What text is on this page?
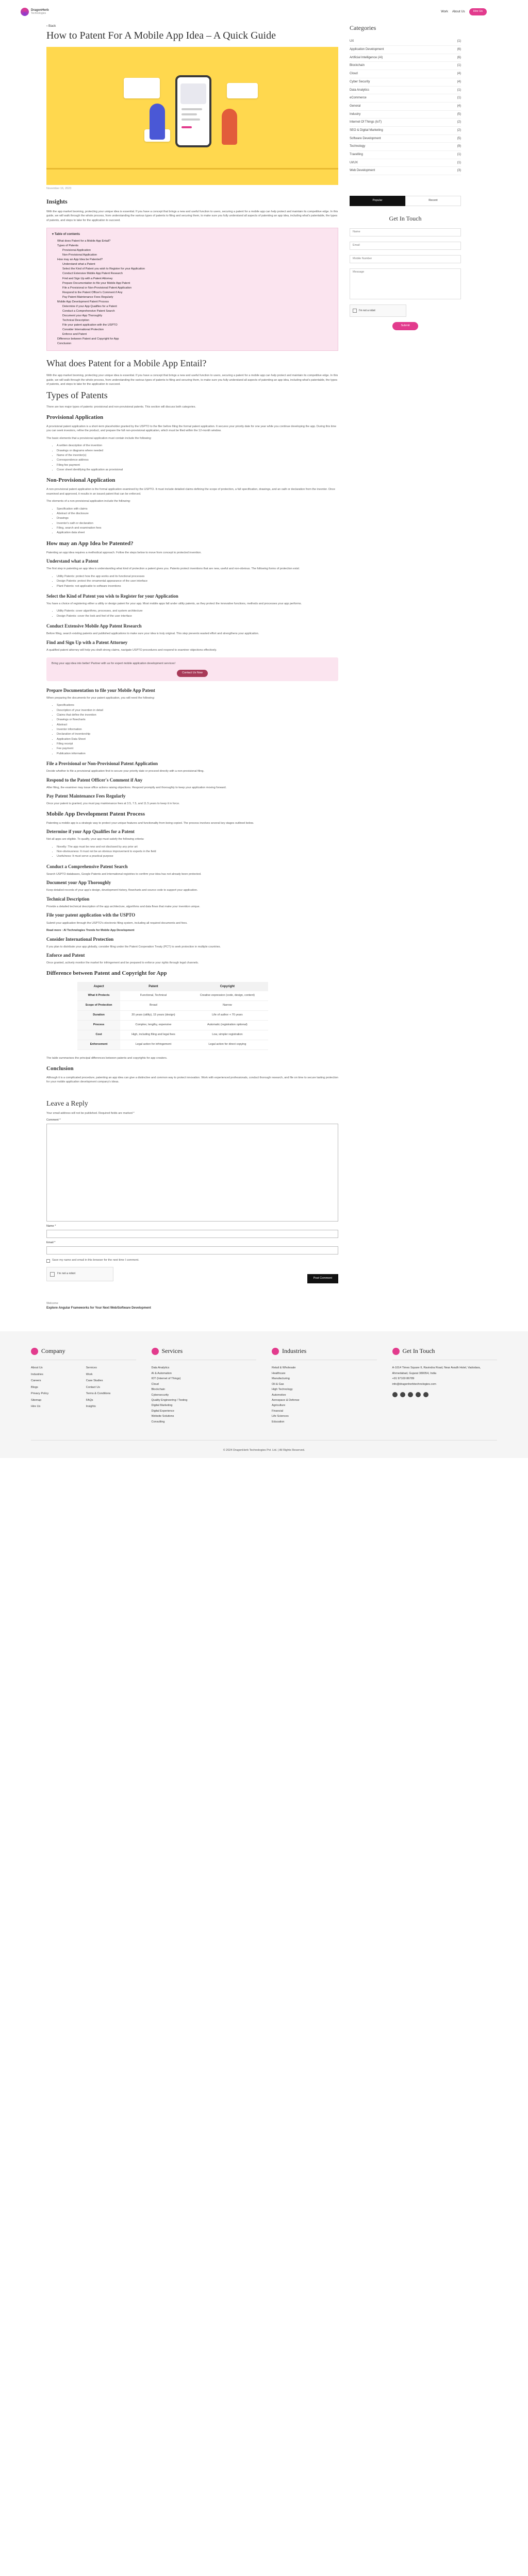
DragonHerb
Technologies	Work About Us	Hire Us
‹ Back
How to Patent For A Mobile App Idea – A Quick Guide
November 16, 2023
Insights

With the app market booming, protecting your unique idea is essential. If you have a concept that brings a new and useful function to users, securing a patent for a mobile app can help protect and maintain its competitive edge. In this guide, we will walk through the whole process, from understanding the various types of patents to filing and securing them, to make sure you fully understand all aspects of patenting an app idea, including what's patentable, the types of patents, and steps to take for the application to succeed.

▾ Table of contents
What does Patent for a Mobile App Entail?
Types of Patents
Provisional Application
Non-Provisional Application
How may an App Idea be Patented?
Understand what a Patent
Select the Kind of Patent you wish to Register for your Application
Conduct Extensive Mobile App Patent Research
Find and Sign Up with a Patent Attorney
Prepare Documentation to file your Mobile App Patent
File a Provisional or Non-Provisional Patent Application
Respond to the Patent Officer's Comment if Any
Pay Patent Maintenance Fees Regularly
Mobile App Development Patent Process
Determine if your App Qualifies for a Patent
Conduct a Comprehensive Patent Search
Document your App Thoroughly
Technical Description
File your patent application with the USPTO
Consider International Protection
Enforce and Patent
Difference between Patent and Copyright for App
Conclusion
What does Patent for a Mobile App Entail?

With the app market booming, protecting your unique idea is essential. If you have a concept that brings a new and useful function to users, securing a patent for a mobile app can help protect and maintain its competitive edge. In this guide, we will walk through the whole process, from understanding the various types of patents to filing and securing them, to make sure you fully understand all aspects of patenting an app idea, including what's patentable, the types of patents, and steps to take for the application to succeed.

Types of Patents

There are two major types of patents: provisional and non-provisional patents. This section will discuss both categories.

Provisional Application

A provisional patent application is a short-term placeholder granted by the USPTO to the filer before filing the formal patent application. It secures your priority date for one year while you continue developing the app. During this time you can seek investors, refine the product, and prepare the full non-provisional application, which must be filed within the 12-month window.

The basic elements that a provisional application must contain include the following:

• A written description of the invention
• Drawings or diagrams where needed
• Name of the inventor(s)
• Correspondence address
• Filing fee payment
• Cover sheet identifying the application as provisional
Non-Provisional Application

A non-provisional patent application is the formal application examined by the USPTO. It must include detailed claims defining the scope of protection, a full specification, drawings, and an oath or declaration from the inventor. Once examined and approved, it results in an issued patent that can be enforced.

The elements of a non-provisional application include the following:

• Specification with claims
• Abstract of the disclosure
• Drawings
• Inventor's oath or declaration
• Filing, search and examination fees
• Application data sheet
How may an App Idea be Patented?

Patenting an app idea requires a methodical approach. Follow the steps below to move from concept to protected invention.

Understand what a Patent

The first step in patenting an app idea is understanding what kind of protection a patent gives you. Patents protect inventions that are new, useful and non-obvious. The following forms of protection exist:

• Utility Patents: protect how the app works and its functional processes
• Design Patents: protect the ornamental appearance of the user interface
• Plant Patents: not applicable to software inventions
Select the Kind of Patent you wish to Register for your Application

You have a choice of registering either a utility or design patent for your app. Most mobile apps fall under utility patents, as they protect the innovative functions, methods and processes your app performs.

• Utility Patents: cover algorithms, processes, and system architecture
• Design Patents: cover the look and feel of the user interface
Conduct Extensive Mobile App Patent Research

Before filing, search existing patents and published applications to make sure your idea is truly original. This step prevents wasted effort and strengthens your application.

Find and Sign Up with a Patent Attorney

A qualified patent attorney will help you draft strong claims, navigate USPTO procedures and respond to examiner objections effectively.

Bring your app idea into better! Partner with us for expert mobile application development services!

Contact Us Now
Prepare Documentation to file your Mobile App Patent

When preparing the documents for your patent application, you will need the following:

• Specifications
• Description of your invention in detail
• Claims that define the invention
• Drawings or flowcharts
• Abstract
• Inventor information
• Declaration of inventorship
• Application Data Sheet
• Filing receipt
• Fee payment
• Publication information
File a Provisional or Non-Provisional Patent Application

Decide whether to file a provisional application first to secure your priority date or proceed directly with a non-provisional filing.

Respond to the Patent Officer's Comment if Any

After filing, the examiner may issue office actions raising objections. Respond promptly and thoroughly to keep your application moving forward.

Pay Patent Maintenance Fees Regularly

Once your patent is granted, you must pay maintenance fees at 3.5, 7.5, and 11.5 years to keep it in force.

Mobile App Development Patent Process

Patenting a mobile app is a strategic way to protect your unique features and functionality from being copied. The process involves several key stages outlined below.

Determine if your App Qualifies for a Patent

Not all apps are eligible. To qualify, your app must satisfy the following criteria:

• Novelty: The app must be new and not disclosed by any prior art
• Non-obviousness: It must not be an obvious improvement to experts in the field
• Usefulness: It must serve a practical purpose
Conduct a Comprehensive Patent Search

Search USPTO databases, Google Patents and international registries to confirm your idea has not already been protected.

Document your App Thoroughly

Keep detailed records of your app's design, development history, flowcharts and source code to support your application.

Technical Description

Provide a detailed technical description of the app architecture, algorithms and data flows that make your invention unique.

File your patent application with the USPTO

Submit your application through the USPTO's electronic filing system, including all required documents and fees.

Read more : AI Technologies Trends for Mobile App Development

Consider International Protection

If you plan to distribute your app globally, consider filing under the Patent Cooperation Treaty (PCT) to seek protection in multiple countries.

Enforce and Patent

Once granted, actively monitor the market for infringement and be prepared to enforce your rights through legal channels.

Difference between Patent and Copyright for App
Aspect	Patent	Copyright
What it Protects	Functional, Technical	Creative expression (code, design, content)
Scope of Protection	Broad	Narrow
Duration	20 years (utility), 15 years (design)	Life of author + 70 years
Process	Complex, lengthy, expensive	Automatic (registration optional)
Cost	High, including filing and legal fees	Low, simpler registration
Enforcement	Legal action for infringement	Legal action for direct copying

The table summarises the principal differences between patents and copyrights for app creators.

Conclusion

Although it is a complicated procedure, patenting an app idea can give a distinctive and common way to protect innovation. Work with experienced professionals, conduct thorough research, and file on time to secure lasting protection for your mobile application development company's ideas.

Leave a Reply

Your email address will not be published. Required fields are marked *

Comment *
Name *
Email *
Save my name and email in this browser for the next time I comment.
I'm not a robot
Post Comment
Welcome
Explore Angular Frameworks for Your Next Web/Software Development
Categories
UX	(1)
Application Development	(6)
Artificial Intelligence (AI)	(6)
Blockchain	(1)
Cloud	(4)
Cyber Security	(4)
Data Analytics	(1)
eCommerce	(1)
General	(4)
Industry	(5)
Internet Of Things (IoT)	(2)
SEO & Digital Marketing	(2)
Software Development	(5)
Technology	(9)
Travelling	(1)
UI/UX	(1)
Web Development	(3)
Popular	Recent
Get In Touch
Name
Email
Mobile Number
Message
I'm not a robot
Submit
Company
About Us	Services
Industries	Work
Careers	Case Studies
Blogs	Contact Us
Privacy Policy	Terms & Conditions
Sitemap	FAQs
Hire Us	Insights
Services
Data Analytics
AI & Automation
IOT (Internet of Things)
Cloud
Blockchain
Cybersecurity
Quality Engineering / Testing
Digital Marketing
Digital Experience
Website Solutions
Consulting
Industries
Retail & Wholesale
Healthcare
Manufacturing
Oil & Gas
High Technology
Automotive
Aerospace & Defense
Agriculture
Financial
Life Sciences
Education
Get In Touch
A-1014 Times Square II, Ravindra Road, Near Avadh Hotel, Vadodara, Ahmedabad, Gujarat 380054, India
+91 97100 86789
info@dragonherbtechnologies.com
© 2024 DragonHerb Technologies Pvt. Ltd. | All Rights Reserved.
